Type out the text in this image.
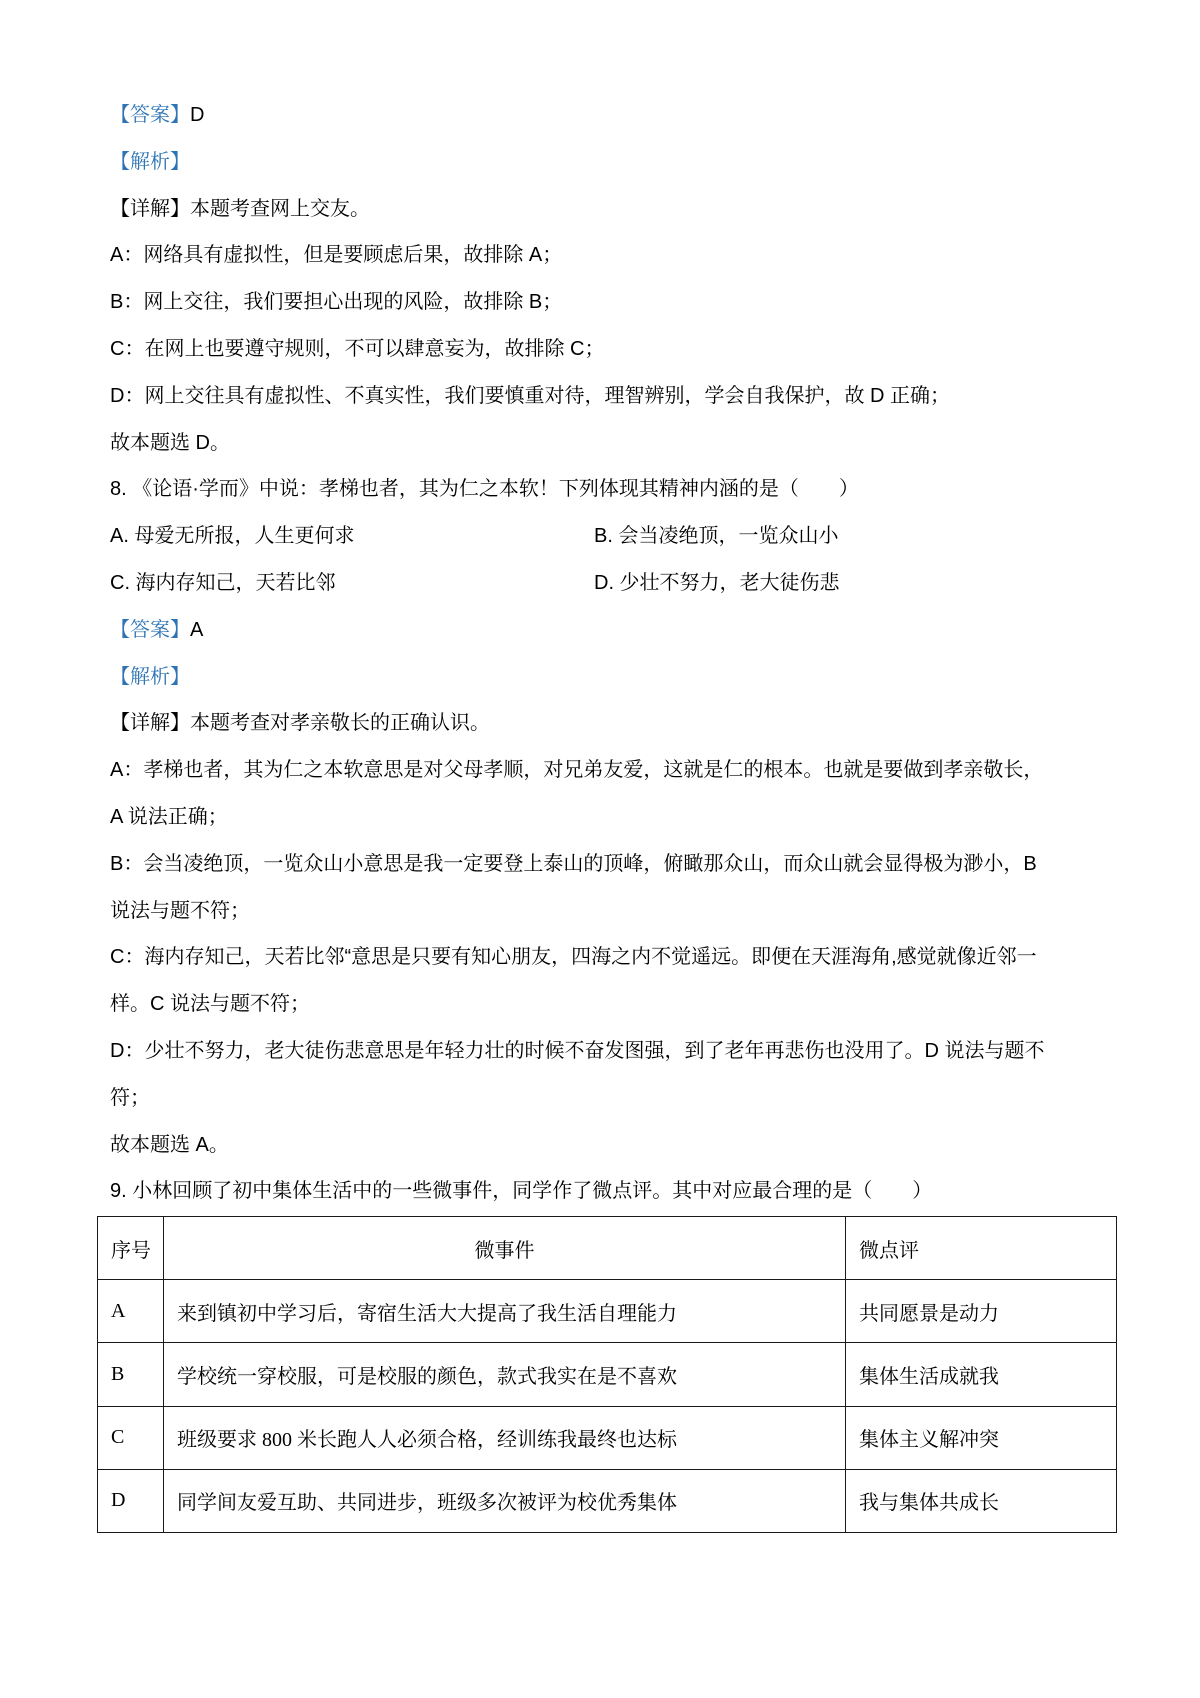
【答案】D
【解析】
【详解】本题考查网上交友。
A：网络具有虚拟性，但是要顾虑后果，故排除 A；
B：网上交往，我们要担心出现的风险，故排除 B；
C：在网上也要遵守规则，不可以肆意妄为，故排除 C；
D：网上交往具有虚拟性、不真实性，我们要慎重对待，理智辨别，学会自我保护，故 D 正确；
故本题选 D。
8. 《论语·学而》中说：孝梯也者，其为仁之本软！下列体现其精神内涵的是（　　）
A. 母爱无所报，人生更何求	B. 会当凌绝顶，一览众山小
C. 海内存知己，天若比邻	D. 少壮不努力，老大徒伤悲
【答案】A
【解析】
【详解】本题考查对孝亲敬长的正确认识。
A：孝梯也者，其为仁之本软意思是对父母孝顺，对兄弟友爱，这就是仁的根本。也就是要做到孝亲敬长，
A 说法正确；
B：会当凌绝顶，一览众山小意思是我一定要登上泰山的顶峰，俯瞰那众山，而众山就会显得极为渺小，B
说法与题不符；
C：海内存知己，天若比邻“意思是只要有知心朋友，四海之内不觉遥远。即便在天涯海角,感觉就像近邻一
样。C 说法与题不符；
D：少壮不努力，老大徒伤悲意思是年轻力壮的时候不奋发图强，到了老年再悲伤也没用了。D 说法与题不
符；
故本题选 A。
9. 小林回顾了初中集体生活中的一些微事件，同学作了微点评。其中对应最合理的是（　　）
序号	微事件	微点评
A	来到镇初中学习后，寄宿生活大大提高了我生活自理能力	共同愿景是动力
B	学校统一穿校服，可是校服的颜色，款式我实在是不喜欢	集体生活成就我
C	班级要求 800 米长跑人人必须合格，经训练我最终也达标	集体主义解冲突
D	同学间友爱互助、共同进步，班级多次被评为校优秀集体	我与集体共成长
